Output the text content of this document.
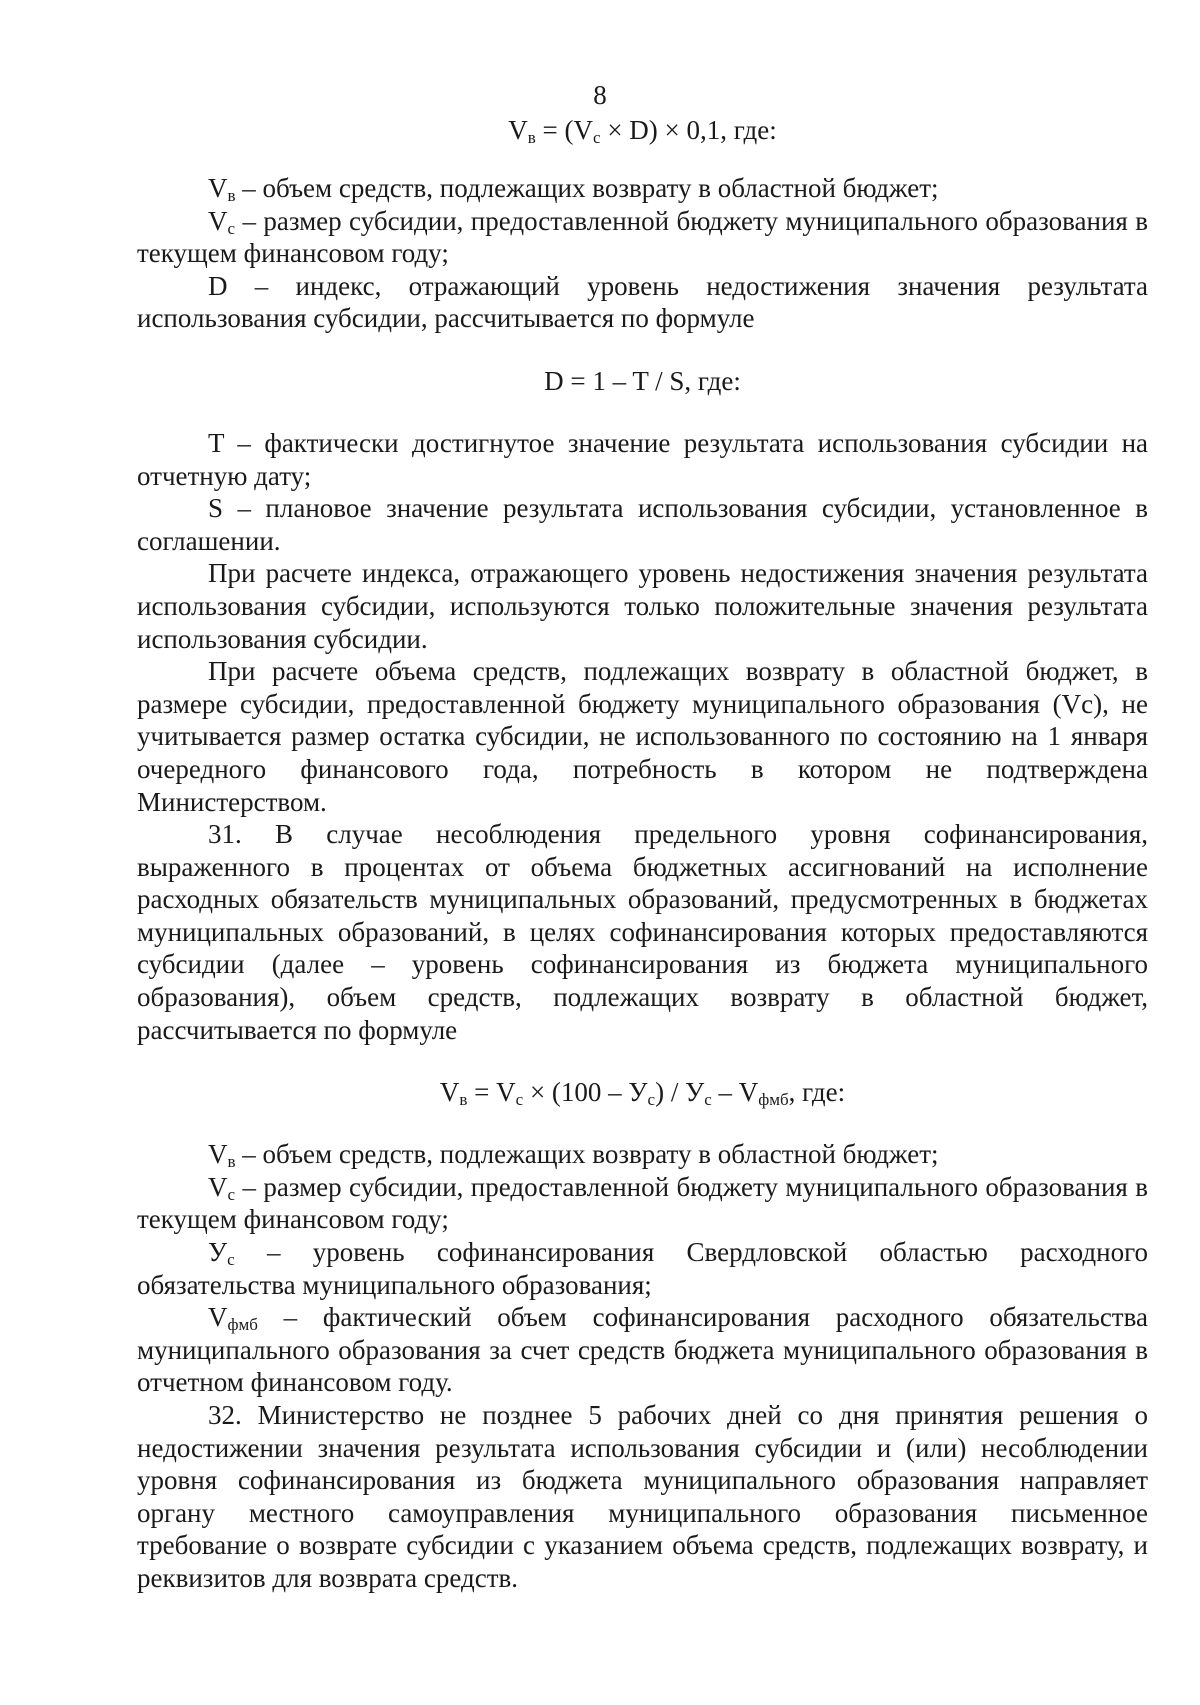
8
$V_в = (V_с \times D) \times 0,1$, где:

$V_в$ – объем средств, подлежащих возврату в областной бюджет;

$V_с$ – размер субсидии, предоставленной бюджету муниципального образования в текущем финансовом году;

D – индекс, отражающий уровень недостижения значения результата использования субсидии, рассчитывается по формуле

D = 1 – T / S, где:

T – фактически достигнутое значение результата использования субсидии на отчетную дату;

S – плановое значение результата использования субсидии, установленное в соглашении.

При расчете индекса, отражающего уровень недостижения значения результата использования субсидии, используются только положительные значения результата использования субсидии.

При расчете объема средств, подлежащих возврату в областной бюджет, в размере субсидии, предоставленной бюджету муниципального образования (Vс), не учитывается размер остатка субсидии, не использованного по состоянию на 1 января очередного финансового года, потребность в котором не подтверждена Министерством.

31. В случае несоблюдения предельного уровня софинансирования, выраженного в процентах от объема бюджетных ассигнований на исполнение расходных обязательств муниципальных образований, предусмотренных в бюджетах муниципальных образований, в целях софинансирования которых предоставляются субсидии (далее – уровень софинансирования из бюджета муниципального образования), объем средств, подлежащих возврату в областной бюджет, рассчитывается по формуле

$V_в = V_с \times (100 - У_с) / У_с - V_{фмб}$, где:

$V_в$ – объем средств, подлежащих возврату в областной бюджет;

$V_с$ – размер субсидии, предоставленной бюджету муниципального образования в текущем финансовом году;

$У_с$ – уровень софинансирования Свердловской областью расходного обязательства муниципального образования;

$V_{фмб}$ – фактический объем софинансирования расходного обязательства муниципального образования за счет средств бюджета муниципального образования в отчетном финансовом году.

32. Министерство не позднее 5 рабочих дней со дня принятия решения о недостижении значения результата использования субсидии и (или) несоблюдении уровня софинансирования из бюджета муниципального образования направляет органу местного самоуправления муниципального образования письменное требование о возврате субсидии с указанием объема средств, подлежащих возврату, и реквизитов для возврата средств.
